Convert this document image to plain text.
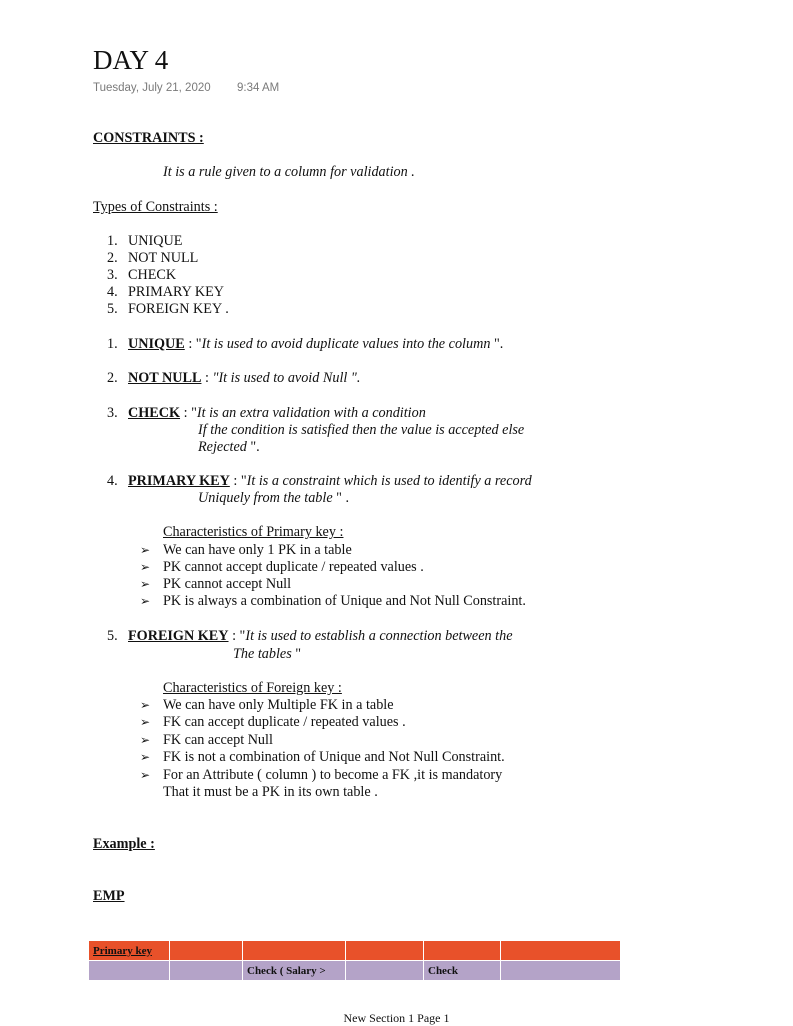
DAY 4
Tuesday, July 21, 2020 9:34 AM
CONSTRAINTS :
It is a rule given to a column for validation .
Types of Constraints :
1. UNIQUE
2. NOT NULL
3. CHECK
4. PRIMARY KEY
5. FOREIGN KEY .
1. UNIQUE : "It is used to avoid duplicate values into the column ".
2. NOT NULL : "It is used to avoid Null ".
3. CHECK : "It is an extra validation with a condition
If the condition is satisfied then the value is accepted else
Rejected ".
4. PRIMARY KEY : "It is a constraint which is used to identify a record
Uniquely from the table " .
Characteristics of Primary key :
➢ We can have only 1 PK in a table
➢ PK cannot accept duplicate / repeated values .
➢ PK cannot accept Null
➢ PK is always a combination of Unique and Not Null Constraint.
5. FOREIGN KEY : "It is used to establish a connection between the
The tables "
Characteristics of Foreign key :
➢ We can have only Multiple FK in a table
➢ FK can accept duplicate / repeated values .
➢ FK can accept Null
➢ FK is not a combination of Unique and Not Null Constraint.
➢ For an Attribute ( column ) to become a FK ,it is mandatory
That it must be a PK in its own table .
Example :
EMP
Primary key					
		Check ( Salary >		Check	
New Section 1 Page 1
